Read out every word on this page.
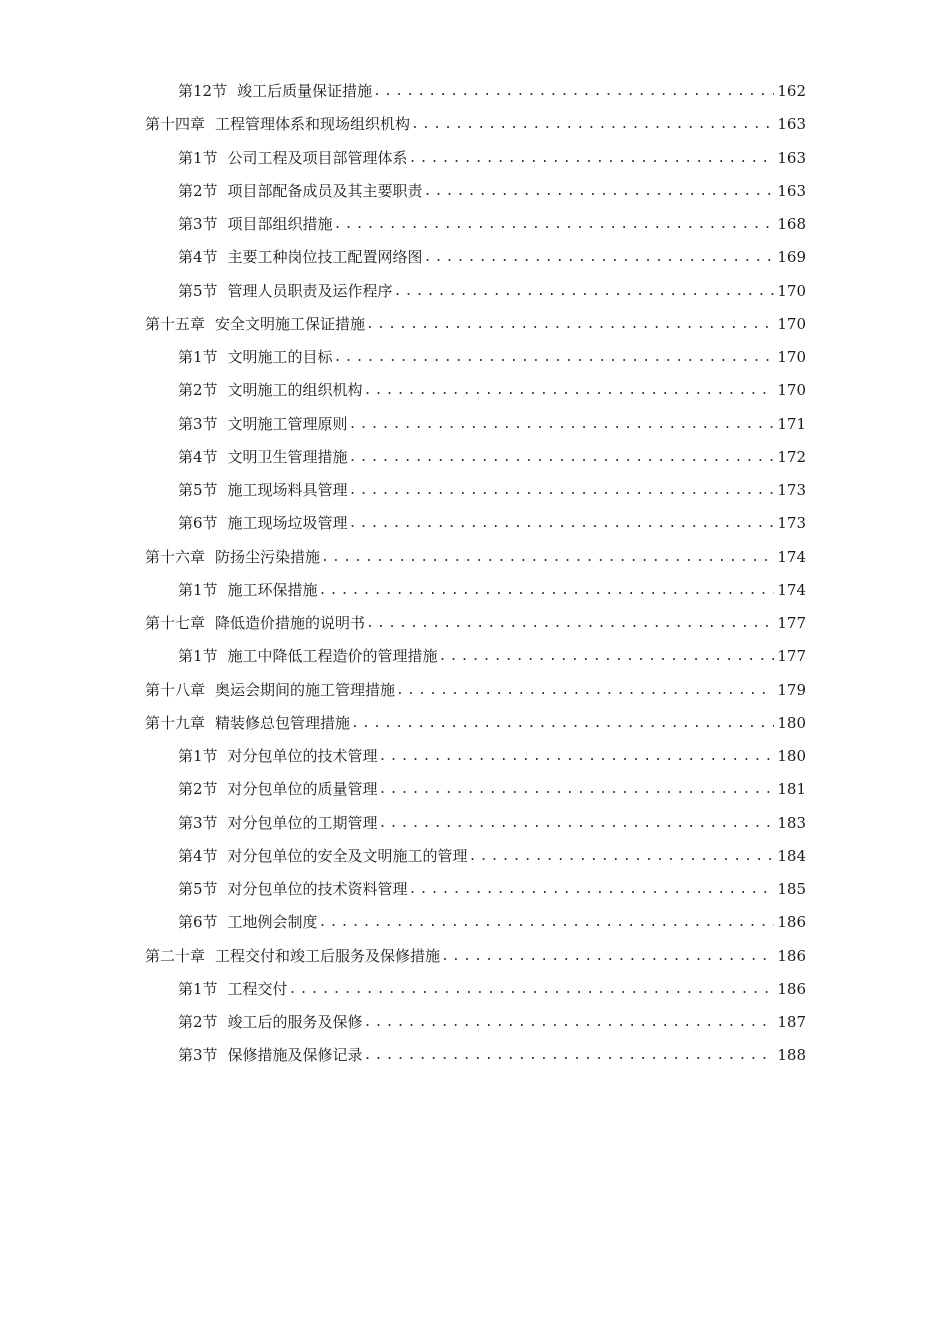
第12节 竣工后质量保证措施 .....	162
第十四章 工程管理体系和现场组织机构 .....	163
第1节 公司工程及项目部管理体系 .....	163
第2节 项目部配备成员及其主要职责 .....	163
第3节 项目部组织措施 .....	168
第4节 主要工种岗位技工配置网络图 .....	169
第5节 管理人员职责及运作程序 .....	170
第十五章 安全文明施工保证措施 .....	170
第1节 文明施工的目标 .....	170
第2节 文明施工的组织机构 .....	170
第3节 文明施工管理原则 .....	171
第4节 文明卫生管理措施 .....	172
第5节 施工现场料具管理 .....	173
第6节 施工现场垃圾管理 .....	173
第十六章 防扬尘污染措施 .....	174
第1节 施工环保措施 .....	174
第十七章 降低造价措施的说明书 .....	177
第1节 施工中降低工程造价的管理措施 .....	177
第十八章 奥运会期间的施工管理措施 .....	179
第十九章 精装修总包管理措施 .....	180
第1节 对分包单位的技术管理 .....	180
第2节 对分包单位的质量管理 .....	181
第3节 对分包单位的工期管理 .....	183
第4节 对分包单位的安全及文明施工的管理 .....	184
第5节 对分包单位的技术资料管理 .....	185
第6节 工地例会制度 .....	186
第二十章 工程交付和竣工后服务及保修措施 .....	186
第1节 工程交付 .....	186
第2节 竣工后的服务及保修 .....	187
第3节 保修措施及保修记录 .....	188
